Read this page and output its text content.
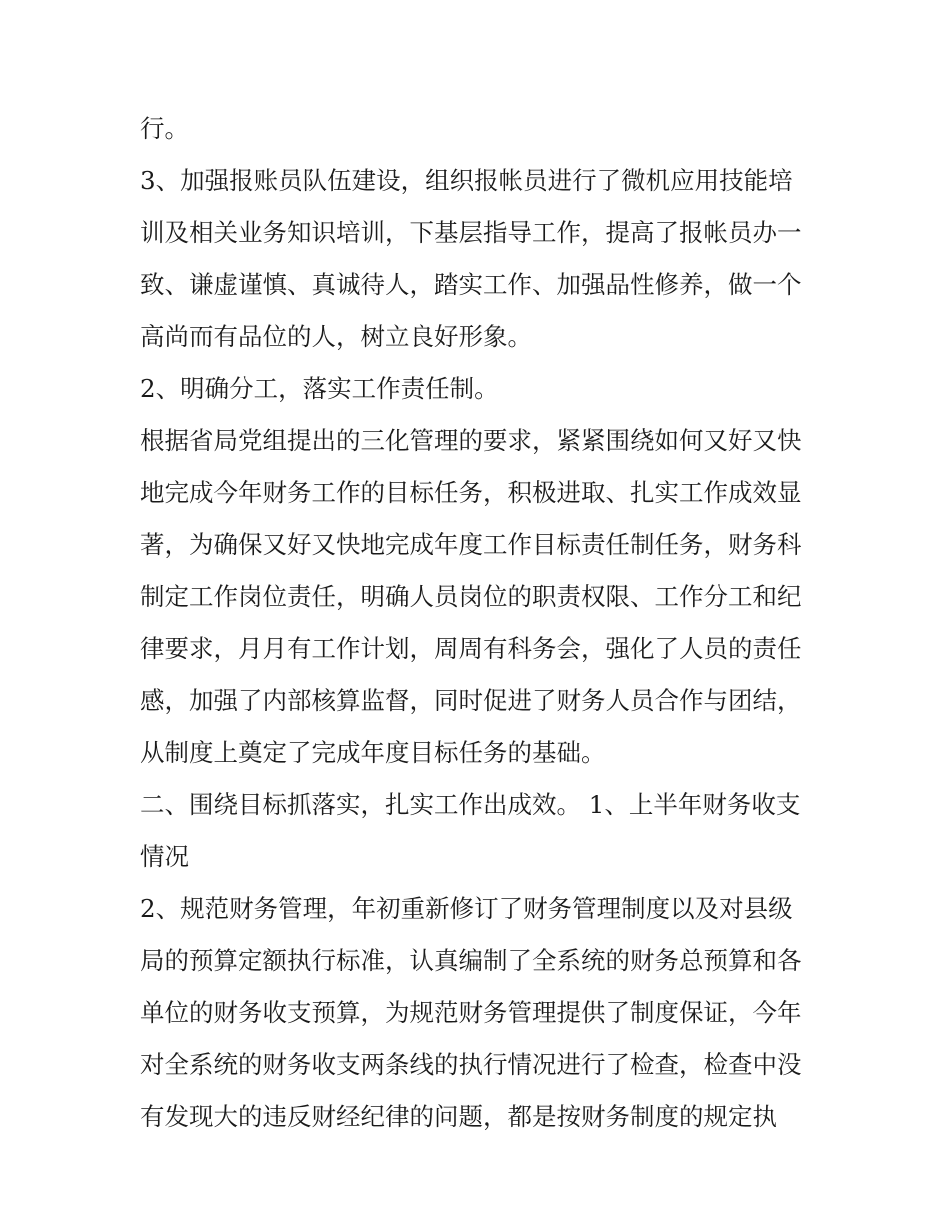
行。
3、加强报账员队伍建设，组织报帐员进行了微机应用技能培
训及相关业务知识培训，下基层指导工作，提高了报帐员办一
致、谦虚谨慎、真诚待人，踏实工作、加强品性修养，做一个
高尚而有品位的人，树立良好形象。
2、明确分工，落实工作责任制。
根据省局党组提出的三化管理的要求，紧紧围绕如何又好又快
地完成今年财务工作的目标任务，积极进取、扎实工作成效显
著，为确保又好又快地完成年度工作目标责任制任务，财务科
制定工作岗位责任，明确人员岗位的职责权限、工作分工和纪
律要求，月月有工作计划，周周有科务会，强化了人员的责任
感，加强了内部核算监督，同时促进了财务人员合作与团结，
从制度上奠定了完成年度目标任务的基础。
二、围绕目标抓落实，扎实工作出成效。 1、上半年财务收支
情况
2、规范财务管理，年初重新修订了财务管理制度以及对县级
局的预算定额执行标准，认真编制了全系统的财务总预算和各
单位的财务收支预算，为规范财务管理提供了制度保证，今年
对全系统的财务收支两条线的执行情况进行了检查，检查中没
有发现大的违反财经纪律的问题，都是按财务制度的规定执
